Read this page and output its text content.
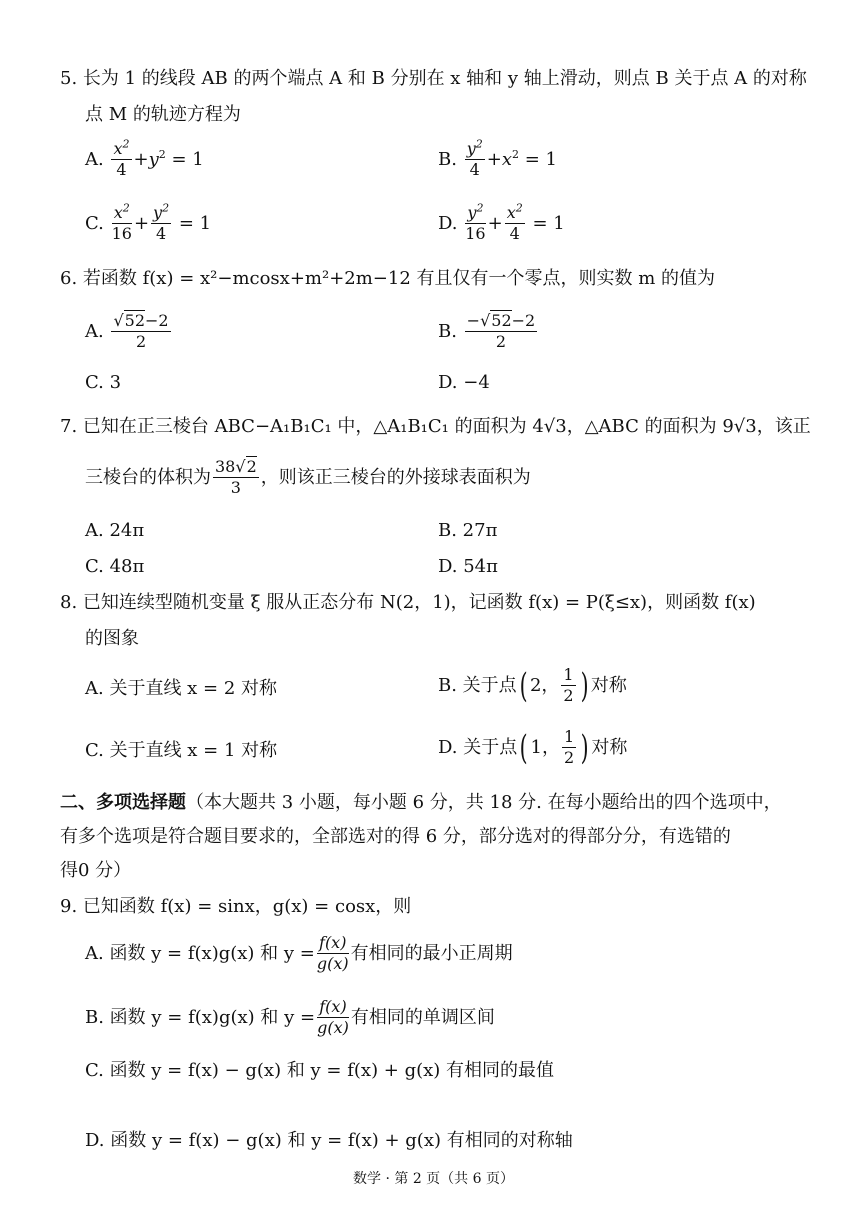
5. 长为 1 的线段 AB 的两个端点 A 和 B 分别在 x 轴和 y 轴上滑动，则点 B 关于点 A 的对称
点 M 的轨迹方程为
A. $\frac{x^2}{4} +y^2 = 1$	B. $\frac{y^2}{4} +x^2 = 1$
C. $\frac{x^2}{16} + \frac{y^2}{4} = 1$	D. $\frac{y^2}{16} + \frac{x^2}{4} = 1$
6. 若函数 f(x) = x²−mcosx+m²+2m−12 有且仅有一个零点，则实数 m 的值为
A. $\frac{√52-2}{2}$	B. $\frac{-√52-2}{2}$
C. 3	D. −4
7. 已知在正三棱台 ABC−A₁B₁C₁ 中，△A₁B₁C₁ 的面积为 4√3，△ABC 的面积为 9√3，该正
三棱台的体积为 $\frac{38√2}{3}$ ，则该正三棱台的外接球表面积为
A. 24π	B. 27π
C. 48π	D. 54π
8. 已知连续型随机变量 ξ 服从正态分布 N(2，1)，记函数 f(x) = P(ξ≤x)，则函数 f(x)
的图象
A. 关于直线 x = 2 对称	B. 关于点( 2， $\frac{1}{2}$ ) 对称
C. 关于直线 x = 1 对称	D. 关于点( 1， $\frac{1}{2}$ ) 对称
二、多项选择题（本大题共 3 小题，每小题 6 分，共 18 分. 在每小题给出的四个选项中，
有多个选项是符合题目要求的，全部选对的得 6 分，部分选对的得部分分，有选错的
得0 分）
9. 已知函数 f(x) = sinx，g(x) = cosx，则
A. 函数 y = f(x)g(x) 和 $y = \frac{f(x)}{g(x)}$ 有相同的最小正周期
B. 函数 y = f(x)g(x) 和 $y = \frac{f(x)}{g(x)}$ 有相同的单调区间
C. 函数 y = f(x) − g(x) 和 y = f(x) + g(x) 有相同的最值
D. 函数 y = f(x) − g(x) 和 y = f(x) + g(x) 有相同的对称轴
数学 · 第 2 页（共 6 页）
